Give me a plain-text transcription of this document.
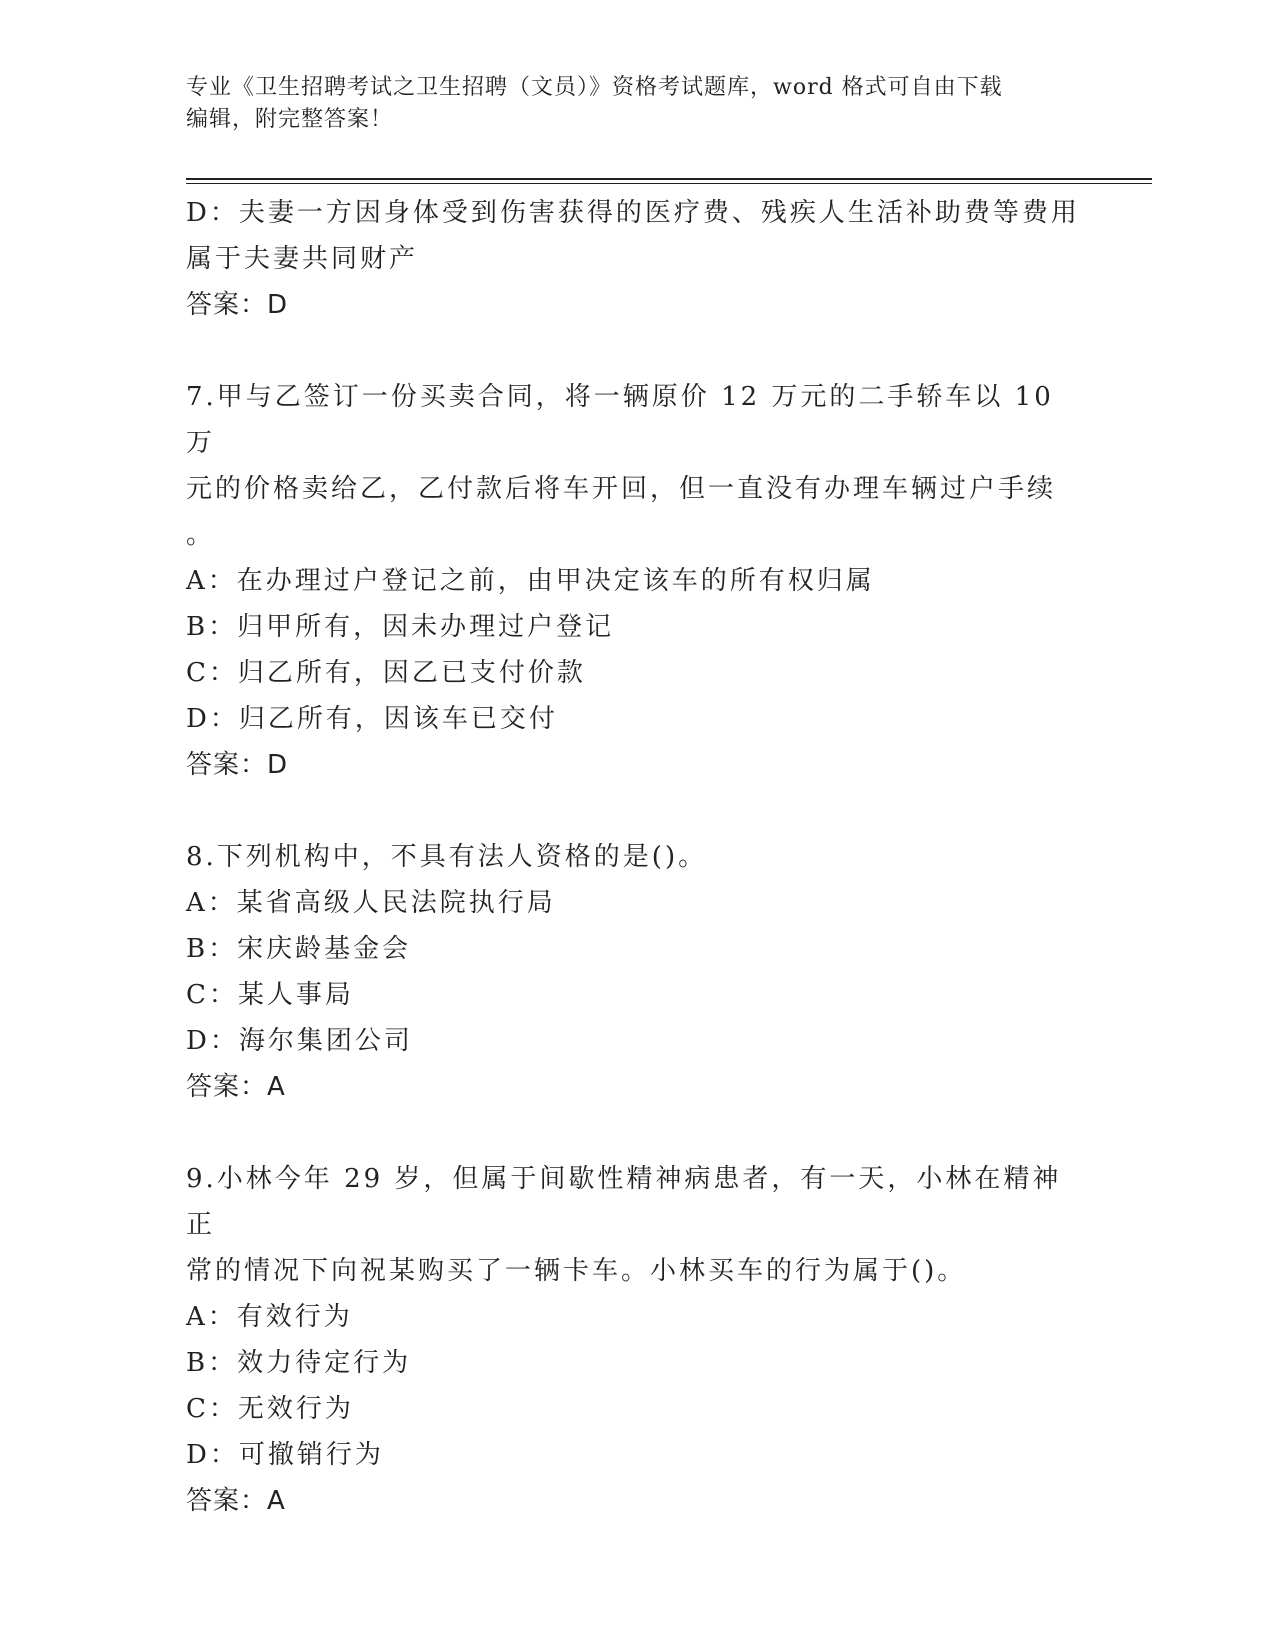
专业《卫生招聘考试之卫生招聘（文员）》资格考试题库，word 格式可自由下载
编辑，附完整答案！
D：夫妻一方因身体受到伤害获得的医疗费、残疾人生活补助费等费用
属于夫妻共同财产
答案：D
7.甲与乙签订一份买卖合同，将一辆原价 12 万元的二手轿车以 10 万
元的价格卖给乙，乙付款后将车开回，但一直没有办理车辆过户手续
。
A：在办理过户登记之前，由甲决定该车的所有权归属
B：归甲所有，因未办理过户登记
C：归乙所有，因乙已支付价款
D：归乙所有，因该车已交付
答案：D
8.下列机构中，不具有法人资格的是()。
A：某省高级人民法院执行局
B：宋庆龄基金会
C：某人事局
D：海尔集团公司
答案：A
9.小林今年 29 岁，但属于间歇性精神病患者，有一天，小林在精神正
常的情况下向祝某购买了一辆卡车。小林买车的行为属于()。
A：有效行为
B：效力待定行为
C：无效行为
D：可撤销行为
答案：A
